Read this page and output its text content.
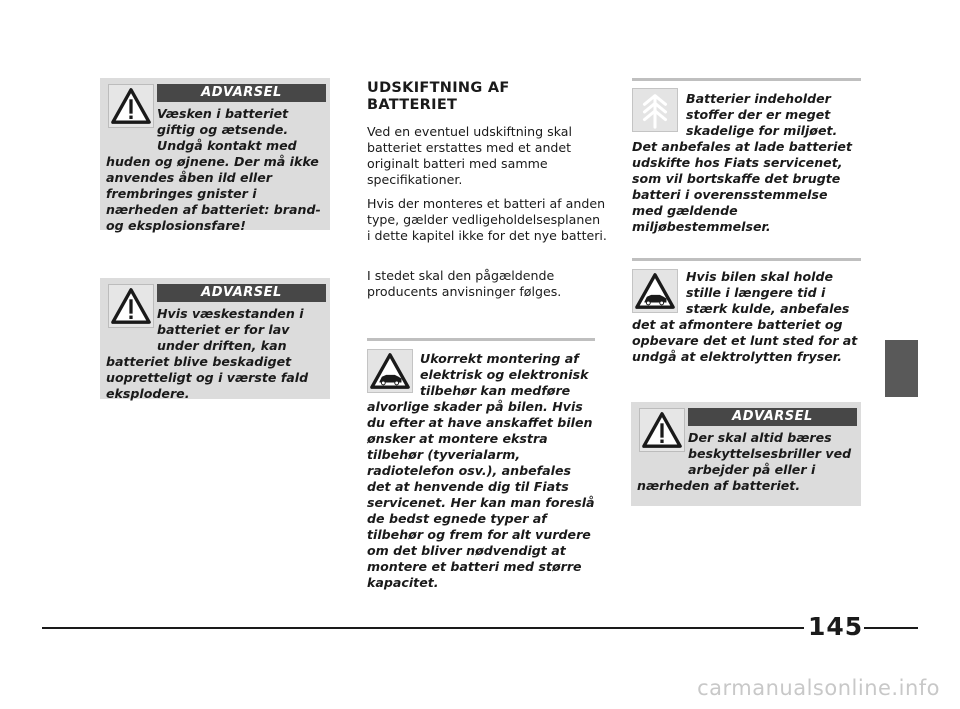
ADVARSEL

Væsken i batteriet giftig og ætsende. Undgå kontakt med huden og øjnene. Der må ikke anvendes åben ild eller frembringes gnister i nærheden af batteriet: brand- og eksplosionsfare!

ADVARSEL

Hvis væskestanden i batteriet er for lav under driften, kan batteriet blive beskadiget uopretteligt og i værste fald eksplodere.

UDSKIFTNING AF BATTERIET

Ved en eventuel udskiftning skal batteriet erstattes med et andet originalt batteri med samme specifikationer.

Hvis der monteres et batteri af anden type, gælder vedligeholdelsesplanen i dette kapitel ikke for det nye batteri.

I stedet skal den pågældende producents anvisninger følges.

Ukorrekt montering af elektrisk og elektronisk tilbehør kan medføre alvorlige skader på bilen. Hvis du efter at have anskaffet bilen ønsker at montere ekstra tilbehør (tyverialarm, radiotelefon osv.), anbefales det at henvende dig til Fiats servicenet. Her kan man foreslå de bedst egnede typer af tilbehør og frem for alt vurdere om det bliver nødvendigt at montere et batteri med større kapacitet.

Batterier indeholder stoffer der er meget skadelige for miljøet. Det anbefales at lade batteriet udskifte hos Fiats servicenet, som vil bortskaffe det brugte batteri i overensstemmelse med gældende miljøbestemmelser.

Hvis bilen skal holde stille i længere tid i stærk kulde, anbefales det at afmontere batteriet og opbevare det et lunt sted for at undgå at elektrolytten fryser.

ADVARSEL

Der skal altid bæres beskyttelsesbriller ved arbejder på eller i nærheden af batteriet.

145
carmanualsonline.info
